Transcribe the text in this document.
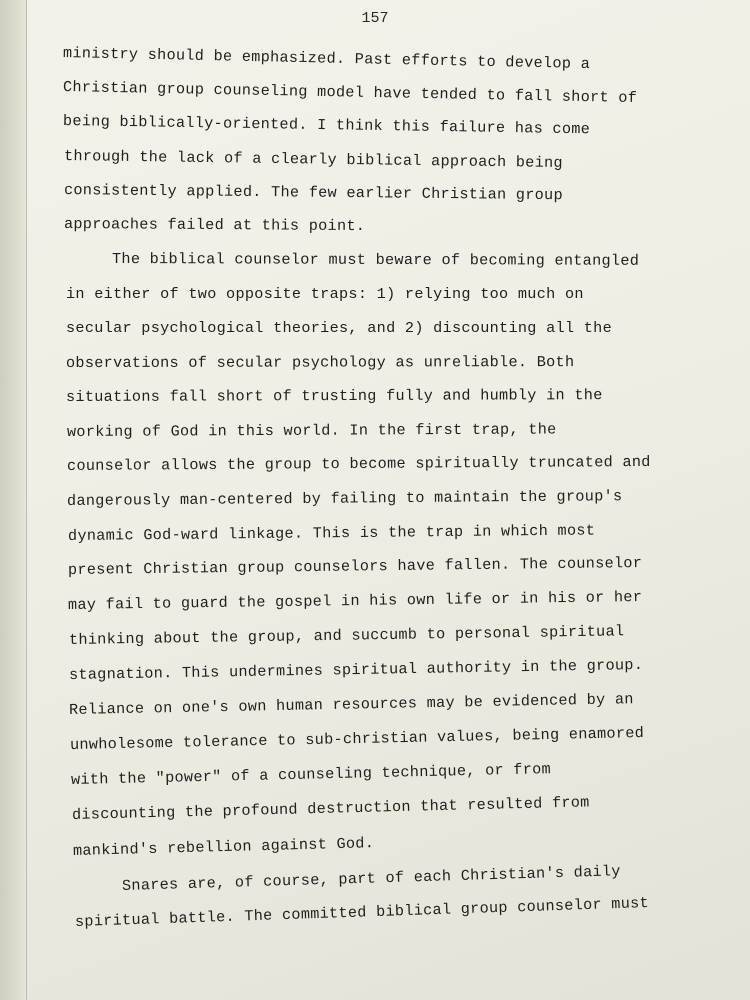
157
ministry should be emphasized. Past efforts to develop a
Christian group counseling model have tended to fall short of
being biblically-oriented. I think this failure has come
through the lack of a clearly biblical approach being
consistently applied. The few earlier Christian group
approaches failed at this point.
The biblical counselor must beware of becoming entangled
in either of two opposite traps: 1) relying too much on
secular psychological theories, and 2) discounting all the
observations of secular psychology as unreliable. Both
situations fall short of trusting fully and humbly in the
working of God in this world. In the first trap, the
counselor allows the group to become spiritually truncated and
dangerously man-centered by failing to maintain the group's
dynamic God-ward linkage. This is the trap in which most
present Christian group counselors have fallen. The counselor
may fail to guard the gospel in his own life or in his or her
thinking about the group, and succumb to personal spiritual
stagnation. This undermines spiritual authority in the group.
Reliance on one's own human resources may be evidenced by an
unwholesome tolerance to sub-christian values, being enamored
with the "power" of a counseling technique, or from
discounting the profound destruction that resulted from
mankind's rebellion against God.
Snares are, of course, part of each Christian's daily
spiritual battle. The committed biblical group counselor must
